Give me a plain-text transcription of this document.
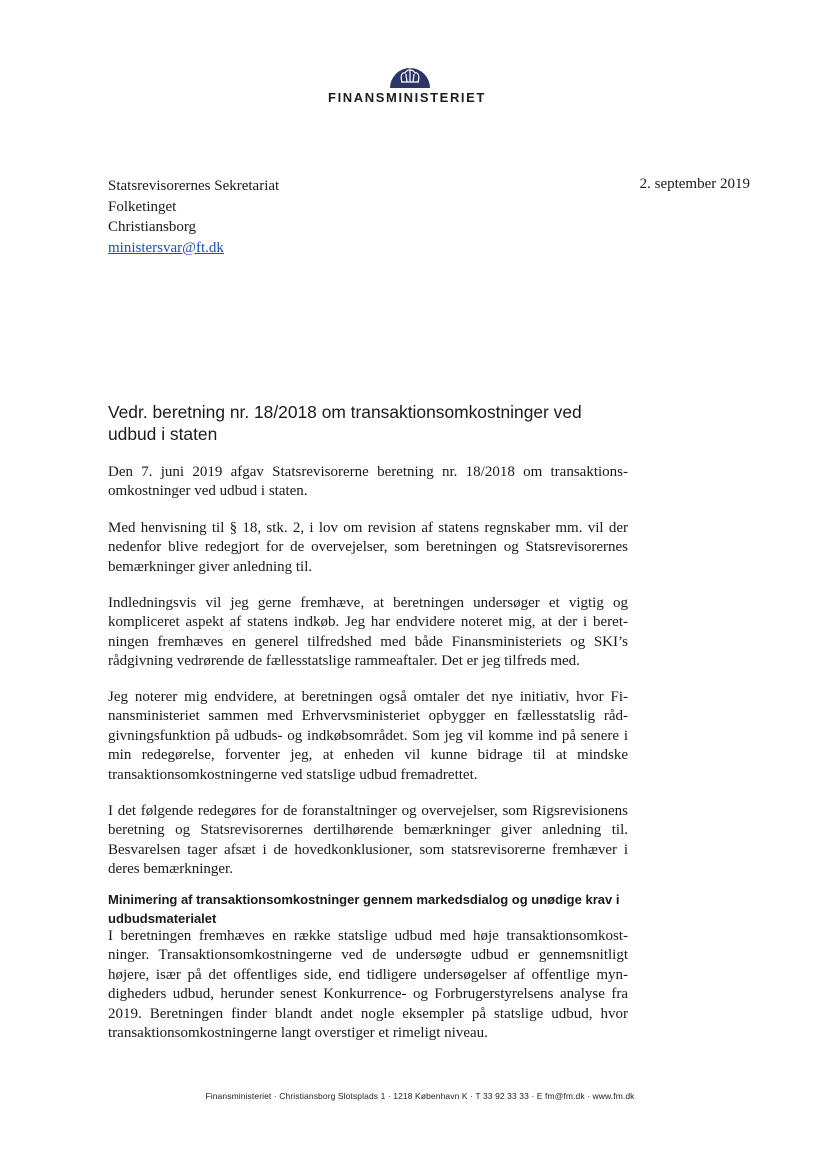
FINANSMINISTERIET
Statsrevisorernes Sekretariat
Folketinget
Christiansborg
ministersvar@ft.dk
2. september 2019
Vedr. beretning nr. 18/2018 om transaktionsomkostninger ved udbud i staten
Den 7. juni 2019 afgav Statsrevisorerne beretning nr. 18/2018 om transaktionsomkostninger ved udbud i staten.
Med henvisning til § 18, stk. 2, i lov om revision af statens regnskaber mm. vil der nedenfor blive redegjort for de overvejelser, som beretningen og Statsrevisorernes bemærkninger giver anledning til.
Indledningsvis vil jeg gerne fremhæve, at beretningen undersøger et vigtig og kompliceret aspekt af statens indkøb. Jeg har endvidere noteret mig, at der i beretningen fremhæves en generel tilfredshed med både Finansministeriets og SKI’s rådgivning vedrørende de fællesstatslige rammeaftaler. Det er jeg tilfreds med.
Jeg noterer mig endvidere, at beretningen også omtaler det nye initiativ, hvor Finansministeriet sammen med Erhvervsministeriet opbygger en fællesstatslig rådgivningsfunktion på udbuds- og indkøbsområdet. Som jeg vil komme ind på senere i min redegørelse, forventer jeg, at enheden vil kunne bidrage til at mindske transaktionsomkostningerne ved statslige udbud fremadrettet.
I det følgende redegøres for de foranstaltninger og overvejelser, som Rigsrevisionens beretning og Statsrevisorernes dertilhørende bemærkninger giver anledning til. Besvarelsen tager afsæt i de hovedkonklusioner, som statsrevisorerne fremhæver i deres bemærkninger.
Minimering af transaktionsomkostninger gennem markedsdialog og unødige krav i udbudsmaterialet
I beretningen fremhæves en række statslige udbud med høje transaktionsomkostninger. Transaktionsomkostningerne ved de undersøgte udbud er gennemsnitligt højere, især på det offentliges side, end tidligere undersøgelser af offentlige myndigheders udbud, herunder senest Konkurrence- og Forbrugerstyrelsens analyse fra 2019. Beretningen finder blandt andet nogle eksempler på statslige udbud, hvor transaktionsomkostningerne langt overstiger et rimeligt niveau.
Finansministeriet · Christiansborg Slotsplads 1 · 1218 København K · T 33 92 33 33 · E fm@fm.dk · www.fm.dk
